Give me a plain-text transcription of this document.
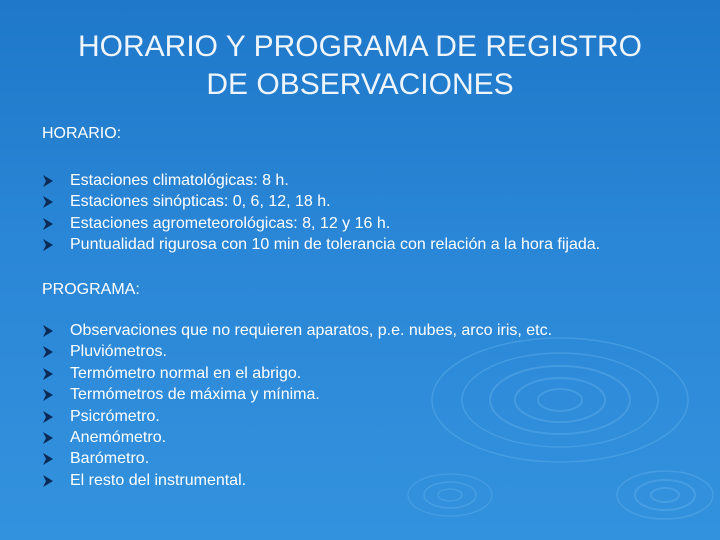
HORARIO Y PROGRAMA DE REGISTRO
DE OBSERVACIONES
HORARIO:
Estaciones climatológicas: 8 h.
Estaciones sinópticas: 0, 6, 12, 18 h.
Estaciones agrometeorológicas: 8, 12 y 16 h.
Puntualidad rigurosa con 10 min de tolerancia con relación a la hora fijada.
PROGRAMA:
Observaciones que no requieren aparatos, p.e. nubes, arco iris, etc.
Pluviómetros.
Termómetro normal en el abrigo.
Termómetros de máxima y mínima.
Psicrómetro.
Anemómetro.
Barómetro.
El resto del instrumental.
